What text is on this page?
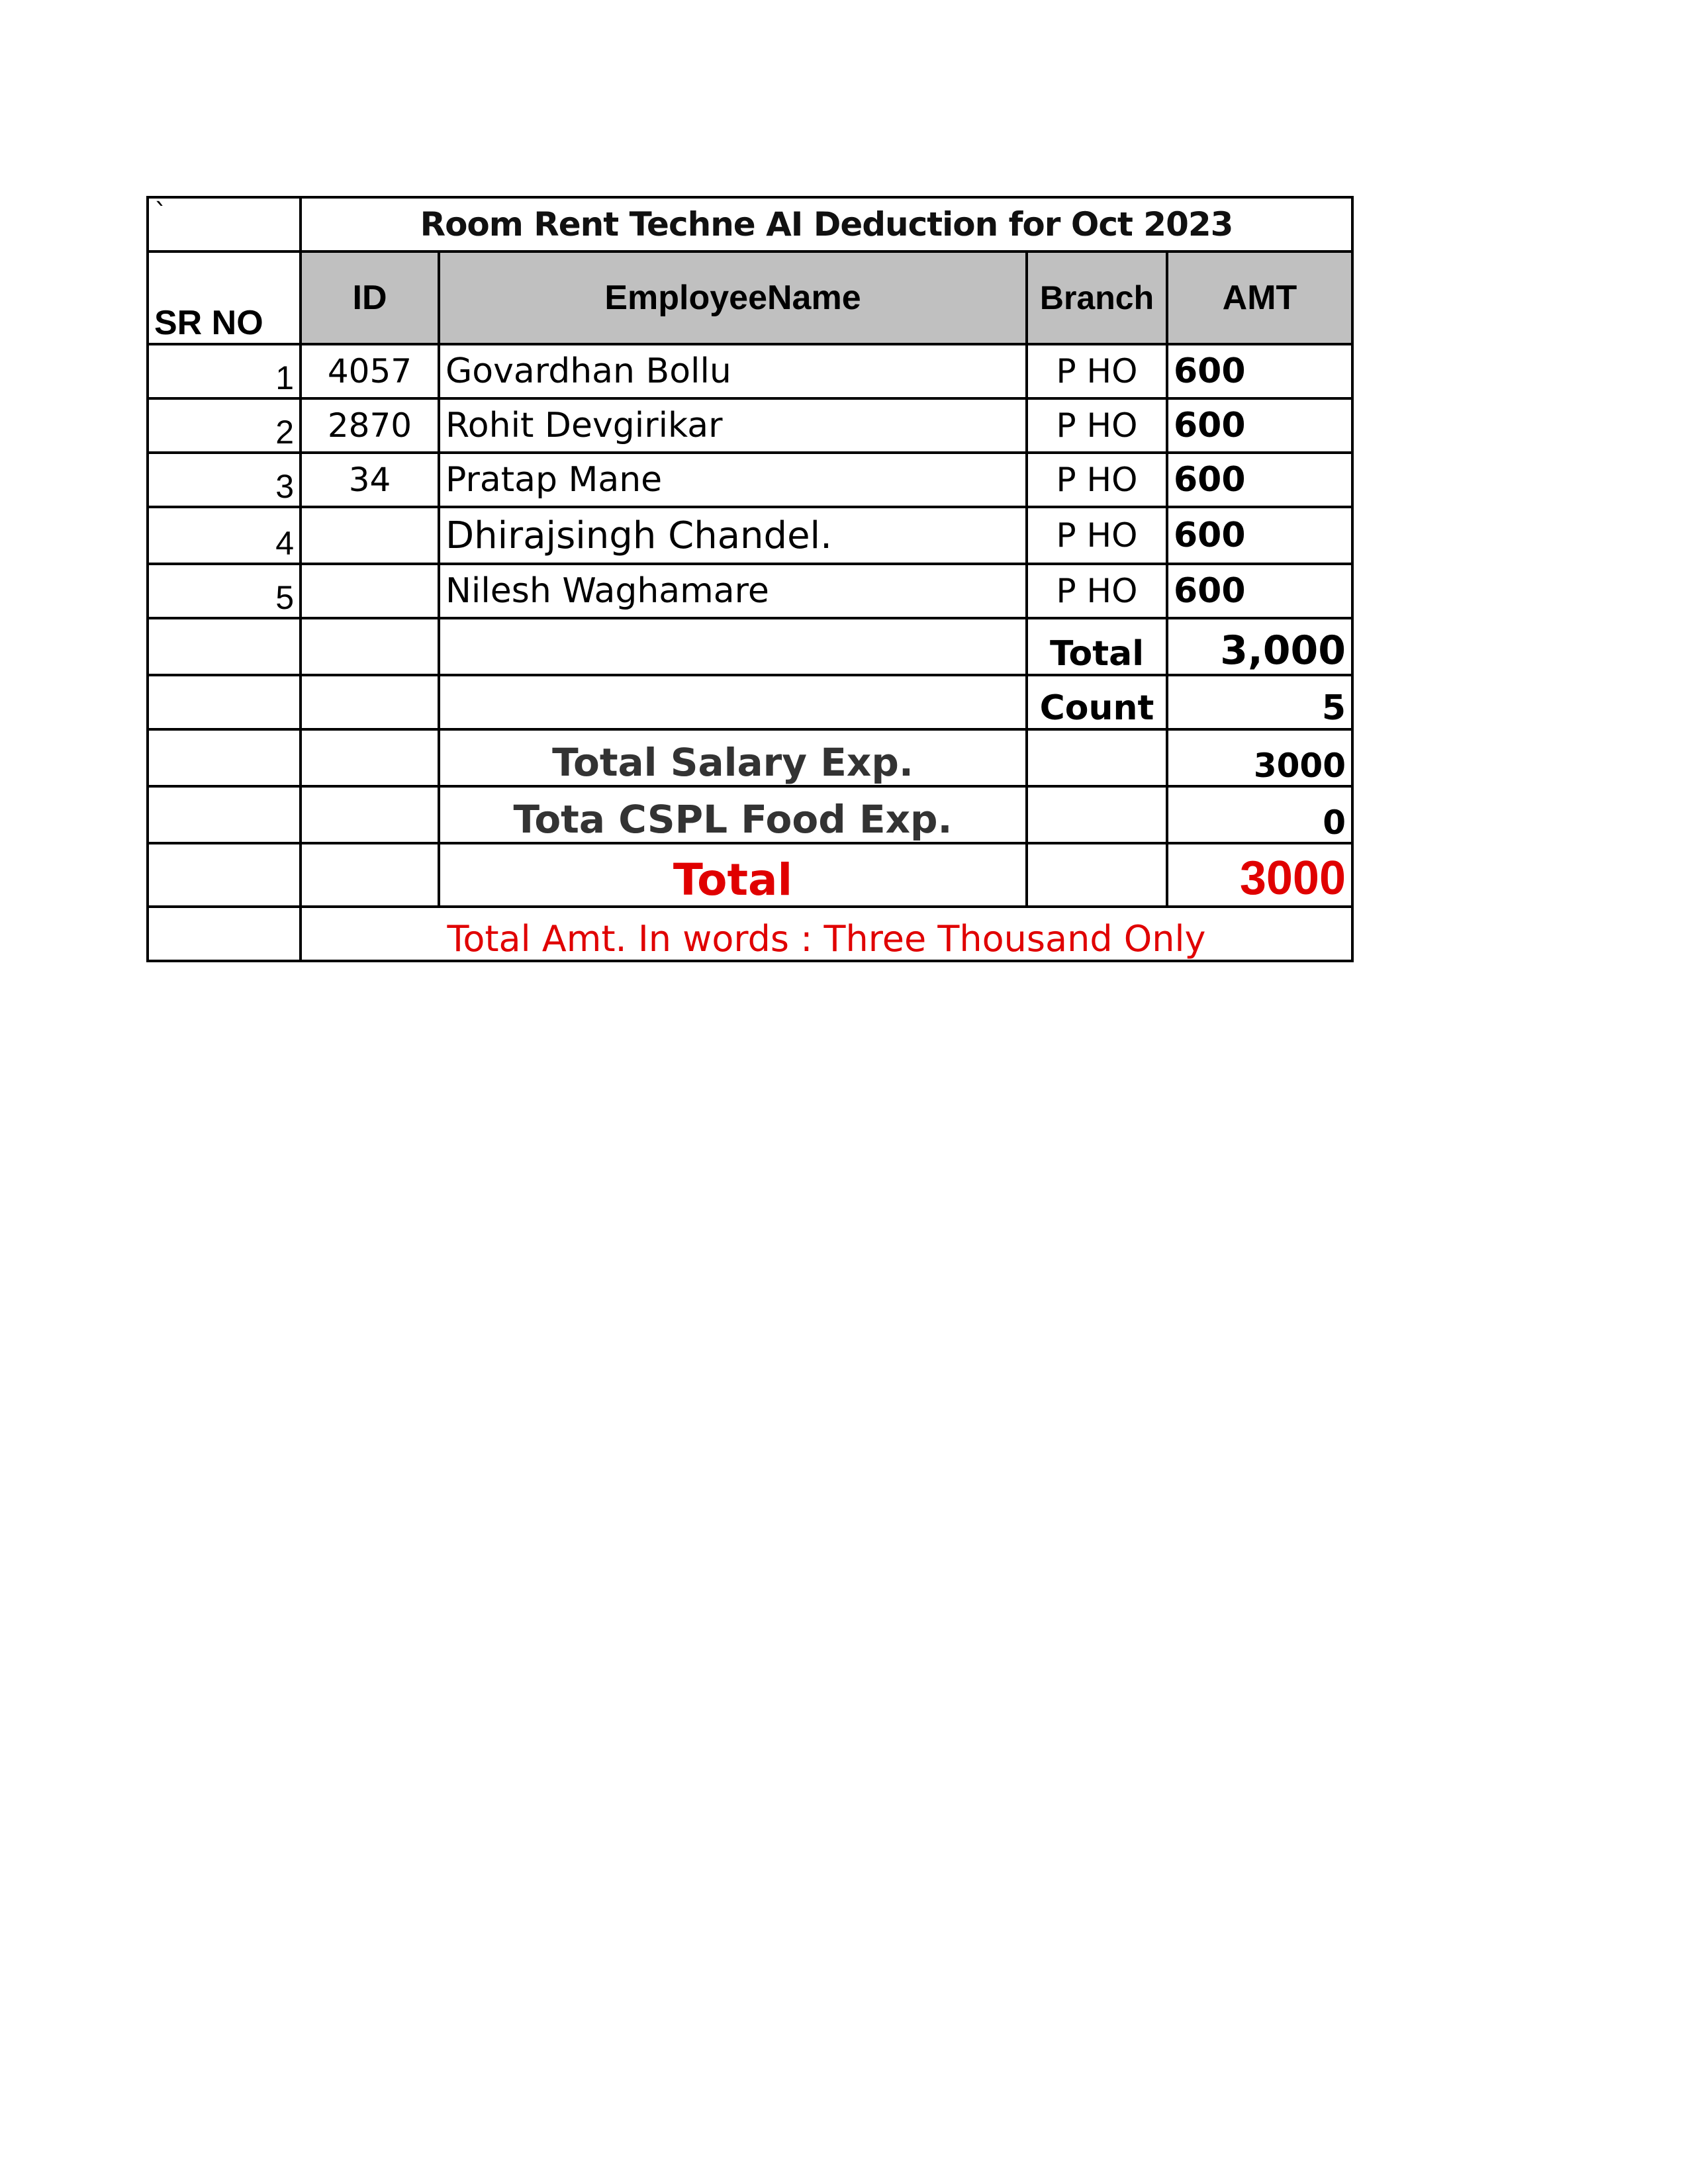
`	Room Rent Techne AI Deduction for Oct 2023			
SR NO	ID	EmployeeName	Branch	AMT
1	4057	Govardhan Bollu	P HO	600
2	2870	Rohit Devgirikar	P HO	600
3	34	Pratap Mane	P HO	600
4		Dhirajsingh Chandel.	P HO	600
5		Nilesh Waghamare	P HO	600
			Total	3,000
			Count	5
		Total Salary Exp.		3000
		Tota CSPL Food Exp.		0
		Total		3000
	Total Amt. In words : Three Thousand Only			
